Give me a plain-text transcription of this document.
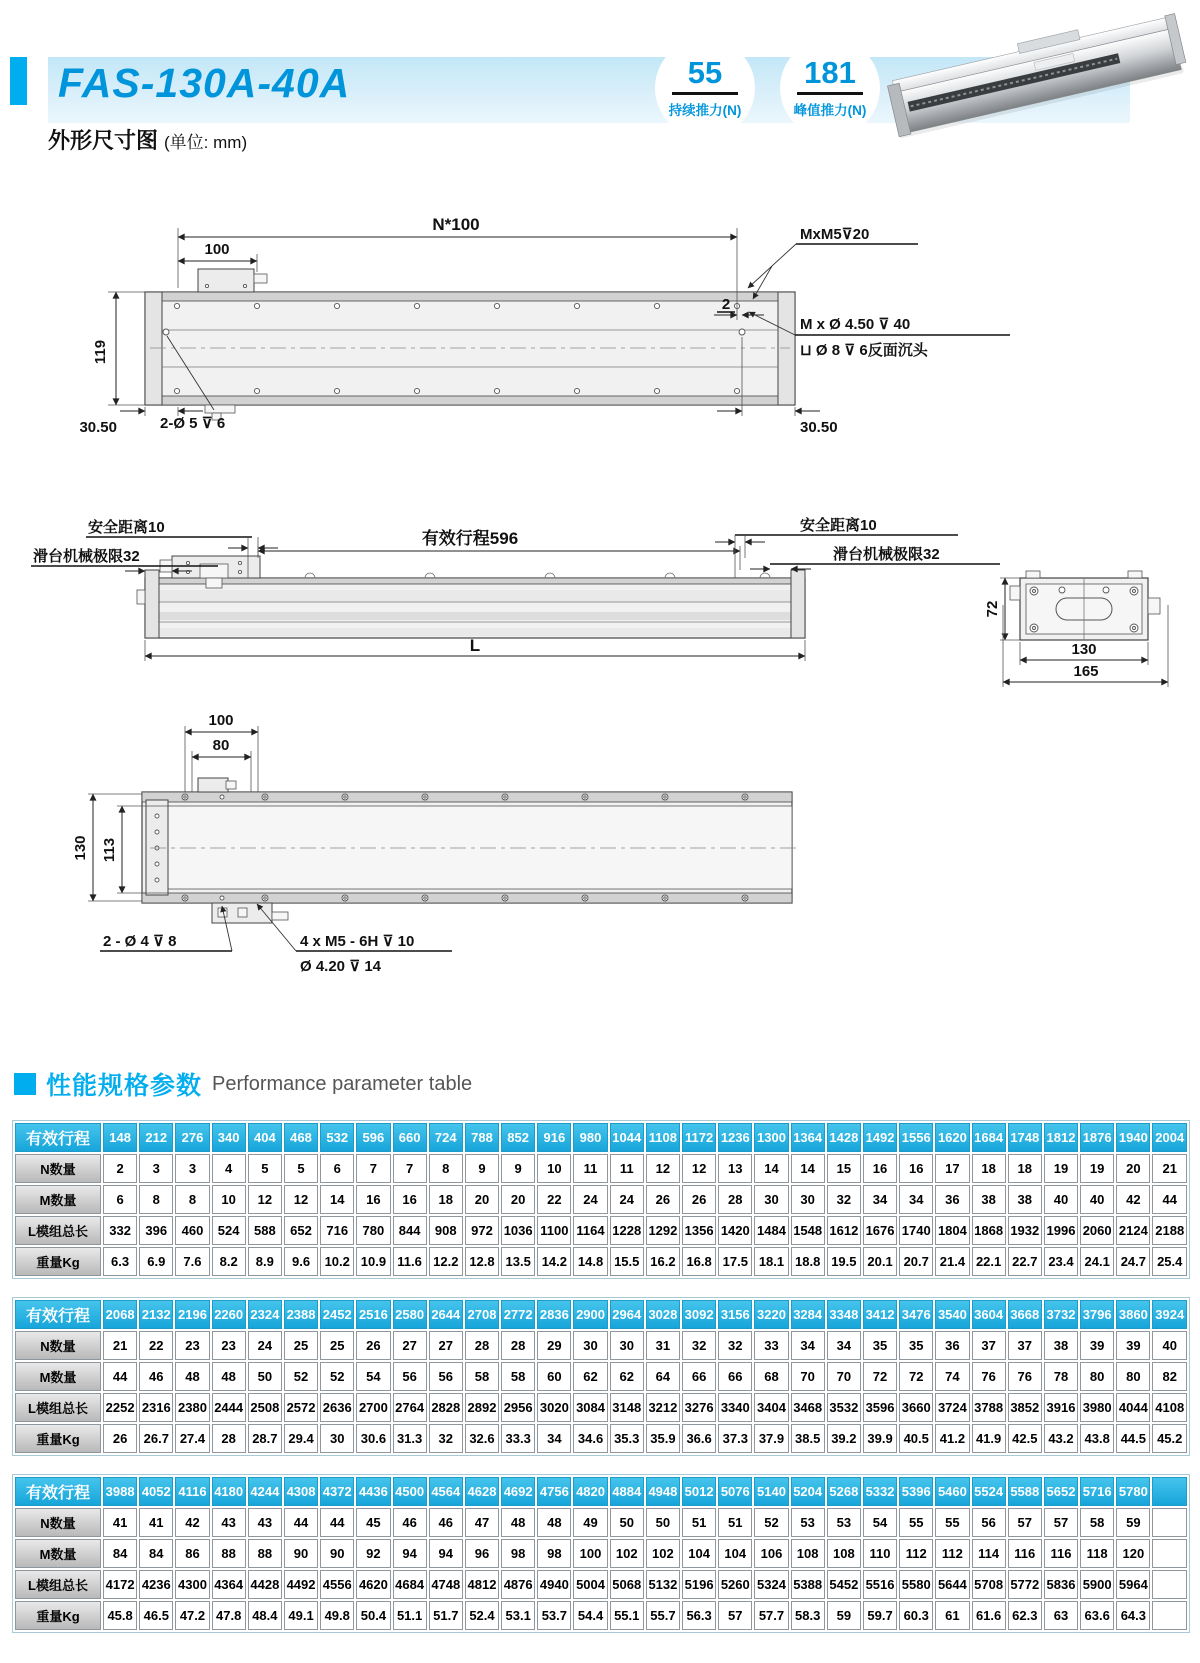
FAS-130A-40A	55
持续推力(N)
181
峰值推力(N)
外形尺寸图 (单位: mm)
N*100
100
119
30.50	2-Ø 5 ⊽ 6	30.50
2
MxM5⊽20
M x Ø 4.50 ⊽ 40
⊔ Ø 8 ⊽ 6反面沉头
安全距离10
滑台机械极限32
有效行程596
安全距离10
滑台机械极限32
L
72
130
165
100
80
130 113
2 - Ø 4 ⊽ 8	4 x M5 - 6H ⊽ 10
Ø 4.20 ⊽ 14
性能规格参数 Performance parameter table
有效行程	148	212	276	340	404	468	532	596	660	724	788	852	916	980	1044	1108	1172	1236	1300	1364	1428	1492	1556	1620	1684	1748	1812	1876	1940	2004
N数量	2	3	3	4	5	5	6	7	7	8	9	9	10	11	11	12	12	13	14	14	15	16	16	17	18	18	19	19	20	21
M数量	6	8	8	10	12	12	14	16	16	18	20	20	22	24	24	26	26	28	30	30	32	34	34	36	38	38	40	40	42	44
L模组总长	332	396	460	524	588	652	716	780	844	908	972	1036	1100	1164	1228	1292	1356	1420	1484	1548	1612	1676	1740	1804	1868	1932	1996	2060	2124	2188
重量Kg	6.3	6.9	7.6	8.2	8.9	9.6	10.2	10.9	11.6	12.2	12.8	13.5	14.2	14.8	15.5	16.2	16.8	17.5	18.1	18.8	19.5	20.1	20.7	21.4	22.1	22.7	23.4	24.1	24.7	25.4
有效行程	2068	2132	2196	2260	2324	2388	2452	2516	2580	2644	2708	2772	2836	2900	2964	3028	3092	3156	3220	3284	3348	3412	3476	3540	3604	3668	3732	3796	3860	3924
N数量	21	22	23	23	24	25	25	26	27	27	28	28	29	30	30	31	32	32	33	34	34	35	35	36	37	37	38	39	39	40
M数量	44	46	48	48	50	52	52	54	56	56	58	58	60	62	62	64	66	66	68	70	70	72	72	74	76	76	78	80	80	82
L模组总长	2252	2316	2380	2444	2508	2572	2636	2700	2764	2828	2892	2956	3020	3084	3148	3212	3276	3340	3404	3468	3532	3596	3660	3724	3788	3852	3916	3980	4044	4108
重量Kg	26	26.7	27.4	28	28.7	29.4	30	30.6	31.3	32	32.6	33.3	34	34.6	35.3	35.9	36.6	37.3	37.9	38.5	39.2	39.9	40.5	41.2	41.9	42.5	43.2	43.8	44.5	45.2
有效行程	3988	4052	4116	4180	4244	4308	4372	4436	4500	4564	4628	4692	4756	4820	4884	4948	5012	5076	5140	5204	5268	5332	5396	5460	5524	5588	5652	5716	5780	
N数量	41	41	42	43	43	44	44	45	46	46	47	48	48	49	50	50	51	51	52	53	53	54	55	55	56	57	57	58	59	
M数量	84	84	86	88	88	90	90	92	94	94	96	98	98	100	102	102	104	104	106	108	108	110	112	112	114	116	116	118	120	
L模组总长	4172	4236	4300	4364	4428	4492	4556	4620	4684	4748	4812	4876	4940	5004	5068	5132	5196	5260	5324	5388	5452	5516	5580	5644	5708	5772	5836	5900	5964	
重量Kg	45.8	46.5	47.2	47.8	48.4	49.1	49.8	50.4	51.1	51.7	52.4	53.1	53.7	54.4	55.1	55.7	56.3	57	57.7	58.3	59	59.7	60.3	61	61.6	62.3	63	63.6	64.3	
